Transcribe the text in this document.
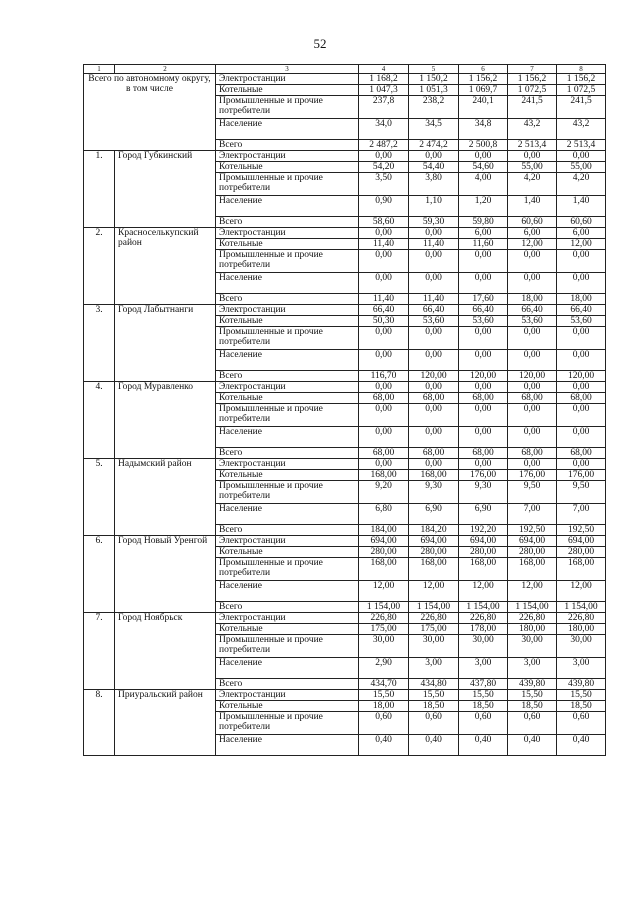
52
1	2	3	4	5	6	7	8
Всего по автономному округу, в том числе		Электростанции	1 168,2	1 150,2	1 156,2	1 156,2	1 156,2
		Котельные	1 047,3	1 051,3	1 069,7	1 072,5	1 072,5
		Промышленные и прочие потребители	237,8	238,2	240,1	241,5	241,5
		Население	34,0	34,5	34,8	43,2	43,2
		Всего	2 487,2	2 474,2	2 500,8	2 513,4	2 513,4
1.	Город Губкинский	Электростанции	0,00	0,00	0,00	0,00	0,00
		Котельные	54,20	54,40	54,60	55,00	55,00
		Промышленные и прочие потребители	3,50	3,80	4,00	4,20	4,20
		Население	0,90	1,10	1,20	1,40	1,40
		Всего	58,60	59,30	59,80	60,60	60,60
2.	Красноселькупский район	Электростанции	0,00	0,00	6,00	6,00	6,00
		Котельные	11,40	11,40	11,60	12,00	12,00
		Промышленные и прочие потребители	0,00	0,00	0,00	0,00	0,00
		Население	0,00	0,00	0,00	0,00	0,00
		Всего	11,40	11,40	17,60	18,00	18,00
3.	Город Лабытнанги	Электростанции	66,40	66,40	66,40	66,40	66,40
		Котельные	50,30	53,60	53,60	53,60	53,60
		Промышленные и прочие потребители	0,00	0,00	0,00	0,00	0,00
		Население	0,00	0,00	0,00	0,00	0,00
		Всего	116,70	120,00	120,00	120,00	120,00
4.	Город Муравленко	Электростанции	0,00	0,00	0,00	0,00	0,00
		Котельные	68,00	68,00	68,00	68,00	68,00
		Промышленные и прочие потребители	0,00	0,00	0,00	0,00	0,00
		Население	0,00	0,00	0,00	0,00	0,00
		Всего	68,00	68,00	68,00	68,00	68,00
5.	Надымский район	Электростанции	0,00	0,00	0,00	0,00	0,00
		Котельные	168,00	168,00	176,00	176,00	176,00
		Промышленные и прочие потребители	9,20	9,30	9,30	9,50	9,50
		Население	6,80	6,90	6,90	7,00	7,00
		Всего	184,00	184,20	192,20	192,50	192,50
6.	Город Новый Уренгой	Электростанции	694,00	694,00	694,00	694,00	694,00
		Котельные	280,00	280,00	280,00	280,00	280,00
		Промышленные и прочие потребители	168,00	168,00	168,00	168,00	168,00
		Население	12,00	12,00	12,00	12,00	12,00
		Всего	1 154,00	1 154,00	1 154,00	1 154,00	1 154,00
7.	Город Ноябрьск	Электростанции	226,80	226,80	226,80	226,80	226,80
		Котельные	175,00	175,00	178,00	180,00	180,00
		Промышленные и прочие потребители	30,00	30,00	30,00	30,00	30,00
		Население	2,90	3,00	3,00	3,00	3,00
		Всего	434,70	434,80	437,80	439,80	439,80
8.	Приуральский район	Электростанции	15,50	15,50	15,50	15,50	15,50
		Котельные	18,00	18,50	18,50	18,50	18,50
		Промышленные и прочие потребители	0,60	0,60	0,60	0,60	0,60
		Население	0,40	0,40	0,40	0,40	0,40
